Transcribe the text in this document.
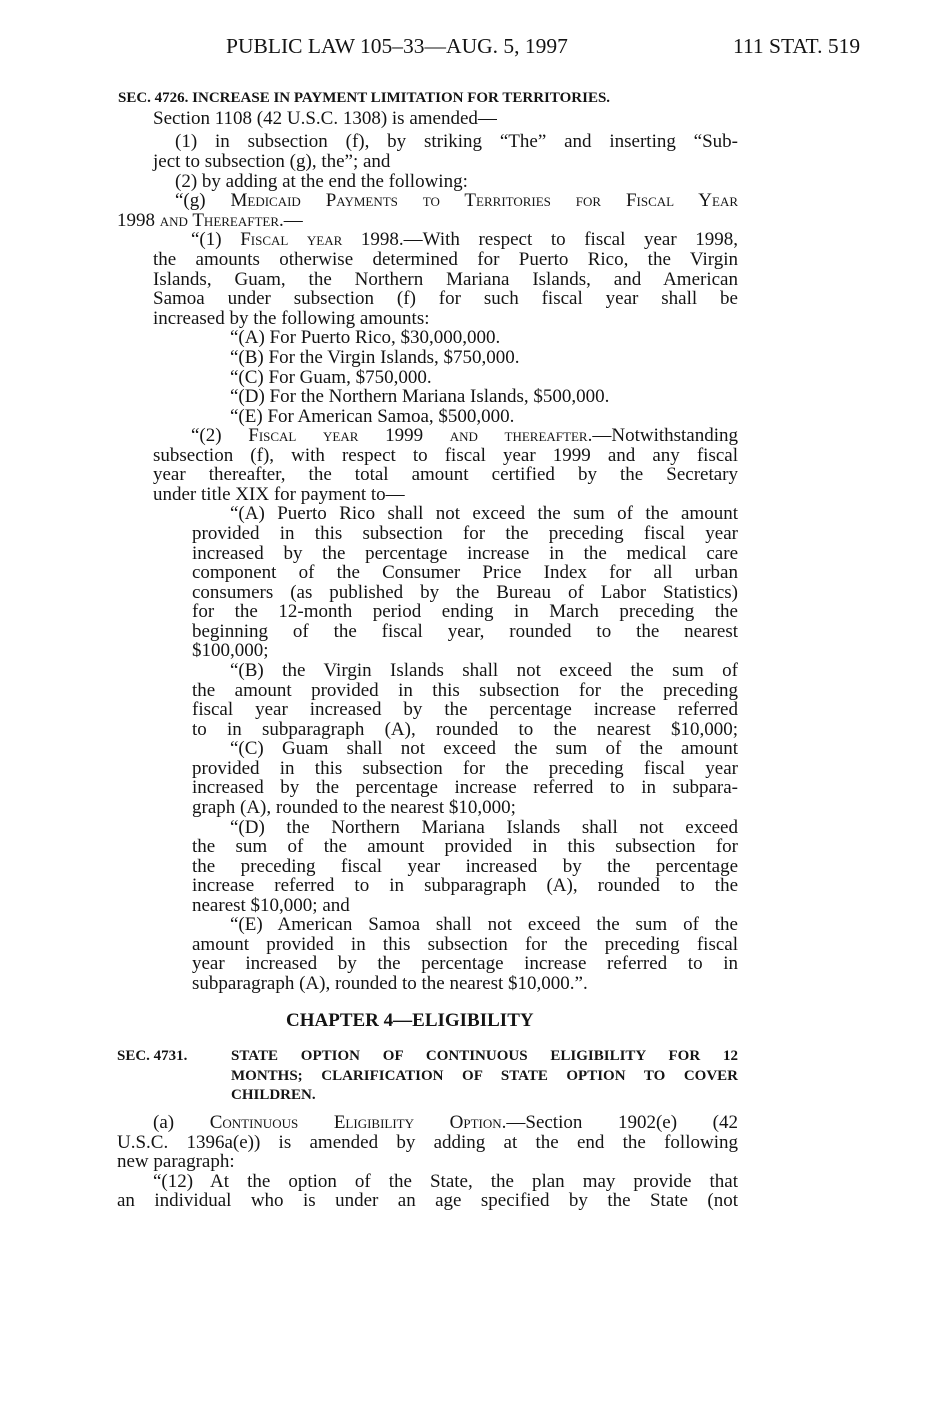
PUBLIC LAW 105–33—AUG. 5, 1997	111 STAT. 519
SEC. 4726. INCREASE IN PAYMENT LIMITATION FOR TERRITORIES.
Section 1108 (42 U.S.C. 1308) is amended—
(1) in subsection (f), by striking “The” and inserting “Sub-
ject to subsection (g), the”; and
(2) by adding at the end the following:
“(g) Medicaid Payments to Territories for Fiscal Year
1998 and Thereafter.—
“(1) Fiscal year 1998.—With respect to fiscal year 1998,
the amounts otherwise determined for Puerto Rico, the Virgin
Islands, Guam, the Northern Mariana Islands, and American
Samoa under subsection (f) for such fiscal year shall be
increased by the following amounts:
“(A) For Puerto Rico, $30,000,000.
“(B) For the Virgin Islands, $750,000.
“(C) For Guam, $750,000.
“(D) For the Northern Mariana Islands, $500,000.
“(E) For American Samoa, $500,000.
“(2) Fiscal year 1999 and thereafter.—Notwithstanding
subsection (f), with respect to fiscal year 1999 and any fiscal
year thereafter, the total amount certified by the Secretary
under title XIX for payment to—
“(A) Puerto Rico shall not exceed the sum of the amount
provided in this subsection for the preceding fiscal year
increased by the percentage increase in the medical care
component of the Consumer Price Index for all urban
consumers (as published by the Bureau of Labor Statistics)
for the 12-month period ending in March preceding the
beginning of the fiscal year, rounded to the nearest
$100,000;
“(B) the Virgin Islands shall not exceed the sum of
the amount provided in this subsection for the preceding
fiscal year increased by the percentage increase referred
to in subparagraph (A), rounded to the nearest $10,000;
“(C) Guam shall not exceed the sum of the amount
provided in this subsection for the preceding fiscal year
increased by the percentage increase referred to in subpara-
graph (A), rounded to the nearest $10,000;
“(D) the Northern Mariana Islands shall not exceed
the sum of the amount provided in this subsection for
the preceding fiscal year increased by the percentage
increase referred to in subparagraph (A), rounded to the
nearest $10,000; and
“(E) American Samoa shall not exceed the sum of the
amount provided in this subsection for the preceding fiscal
year increased by the percentage increase referred to in
subparagraph (A), rounded to the nearest $10,000.”.
CHAPTER 4—ELIGIBILITY
SEC. 4731.	STATE OPTION OF CONTINUOUS ELIGIBILITY FOR 12
MONTHS; CLARIFICATION OF STATE OPTION TO COVER
CHILDREN.
(a) Continuous Eligibility Option.—Section 1902(e) (42
U.S.C. 1396a(e)) is amended by adding at the end the following
new paragraph:
“(12) At the option of the State, the plan may provide that
an individual who is under an age specified by the State (not
